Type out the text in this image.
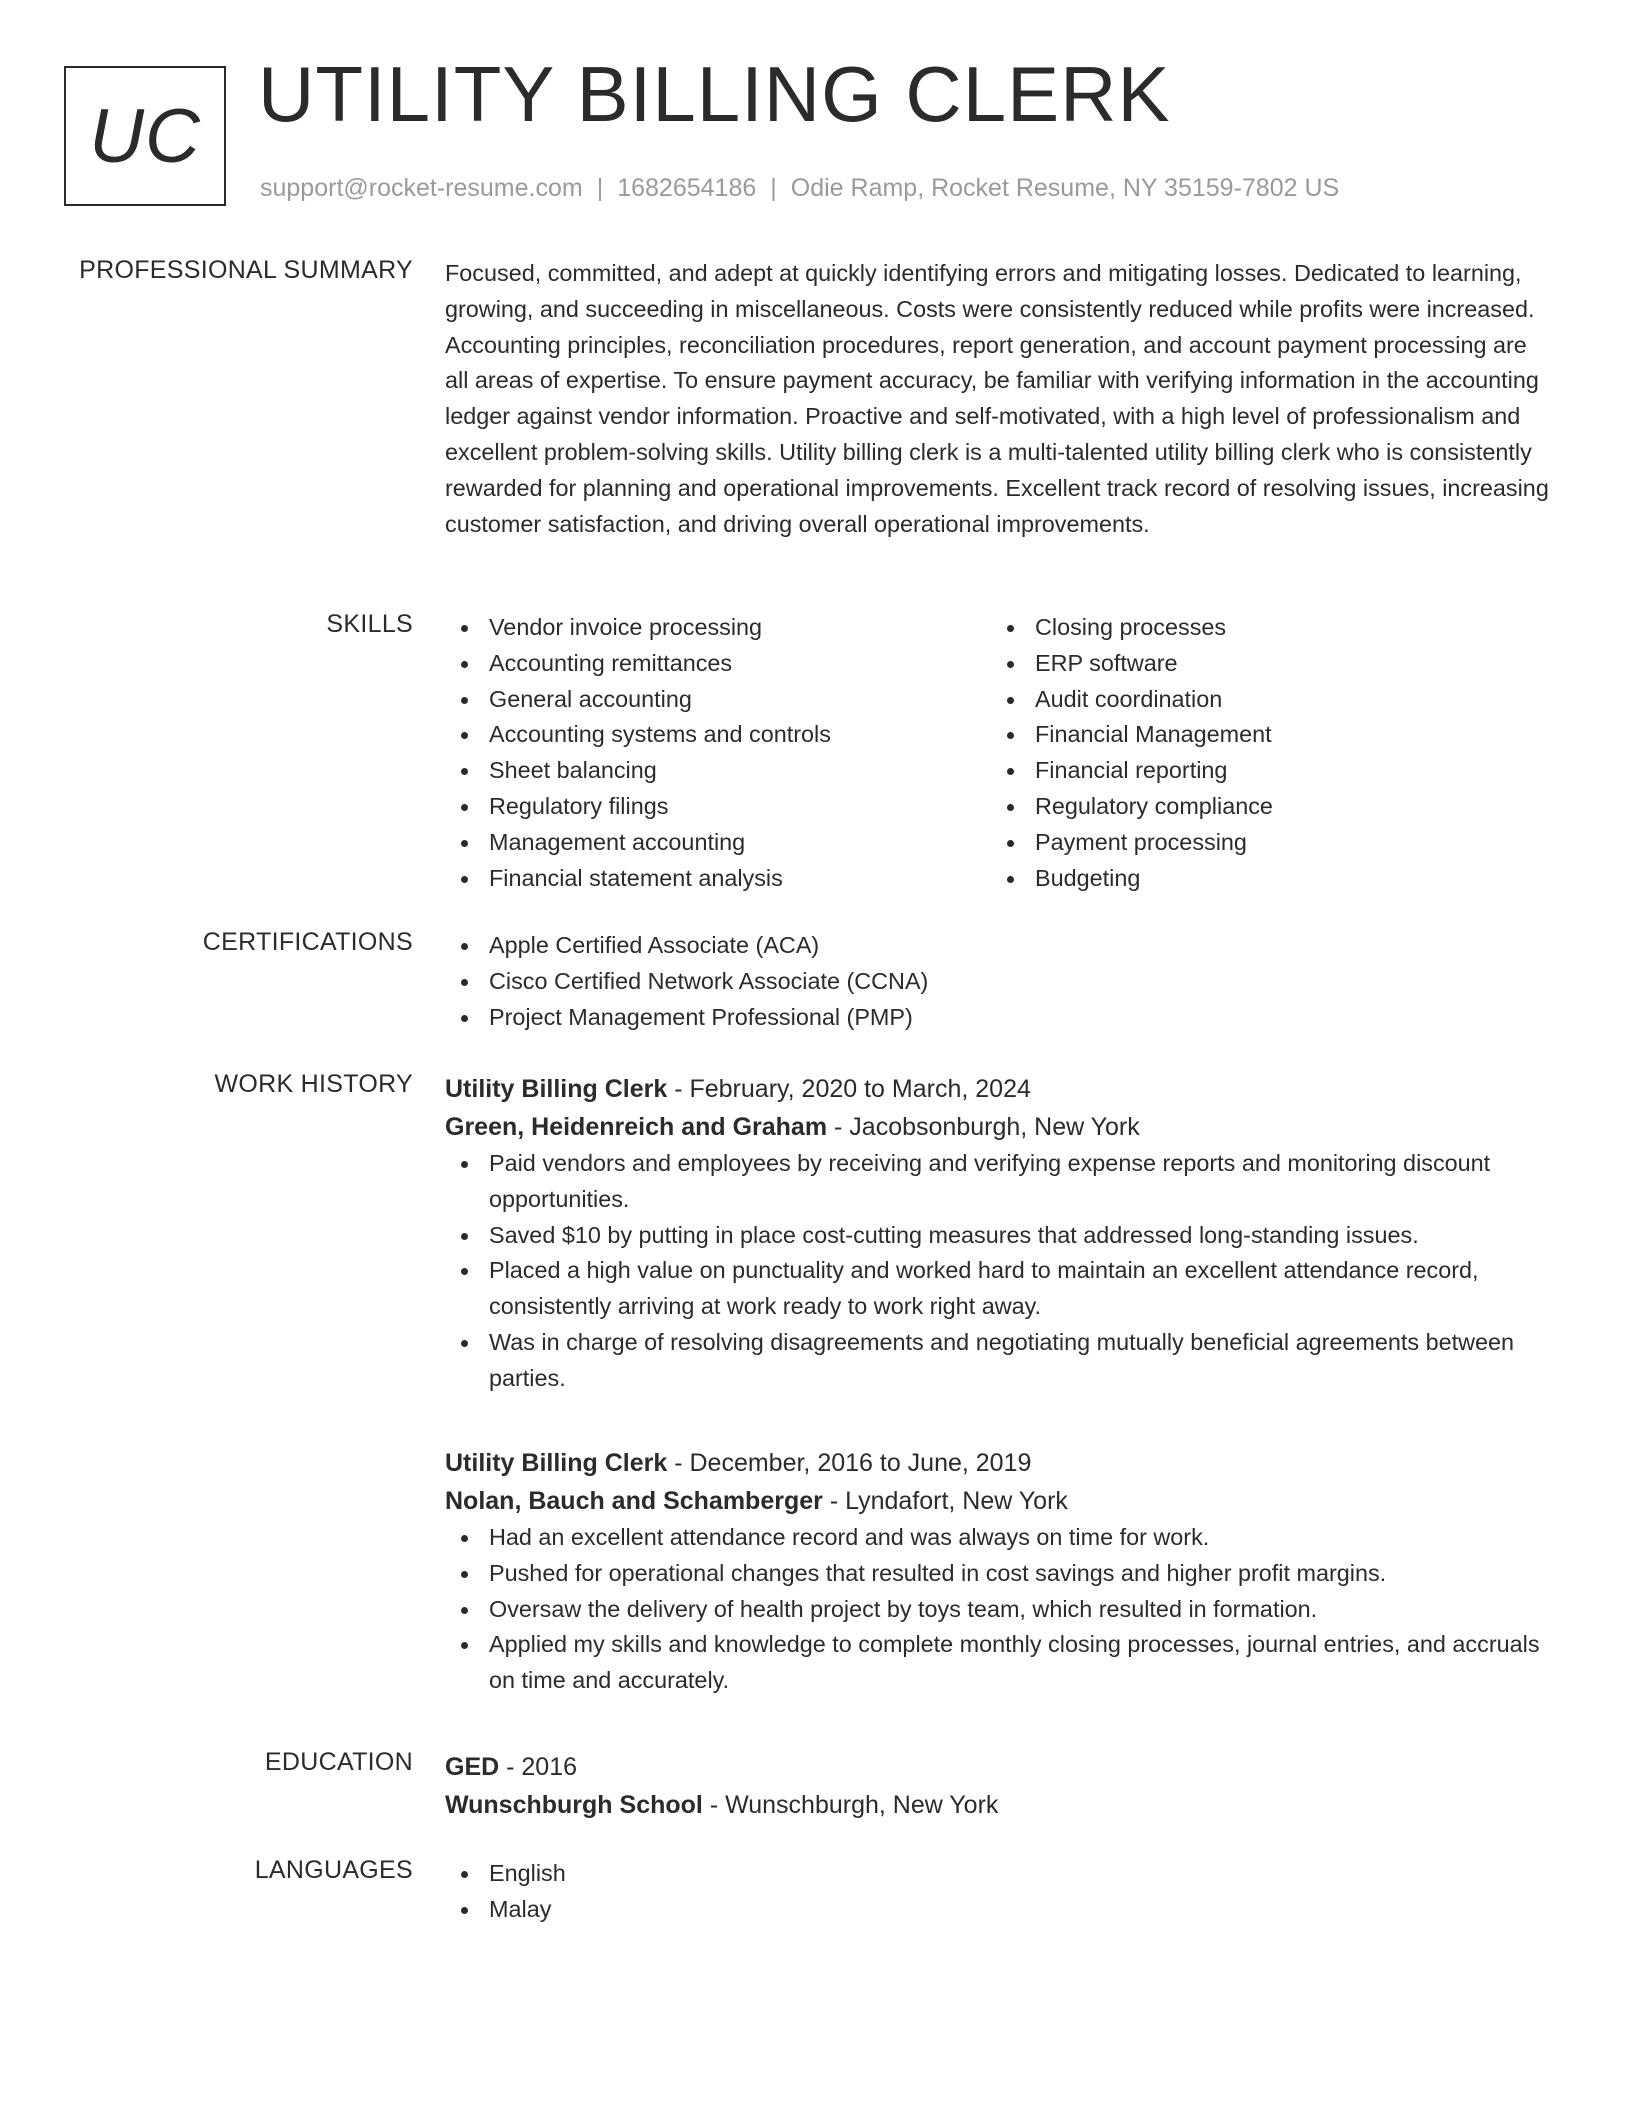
UC UTILITY BILLING CLERK
support@rocket-resume.com | 1682654186 | Odie Ramp, Rocket Resume, NY 35159-7802 US
PROFESSIONAL SUMMARY Focused, committed, and adept at quickly identifying errors and mitigating losses. Dedicated to learning, growing, and succeeding in miscellaneous. Costs were consistently reduced while profits were increased. Accounting principles, reconciliation procedures, report generation, and account payment processing are all areas of expertise. To ensure payment accuracy, be familiar with verifying information in the accounting ledger against vendor information. Proactive and self-motivated, with a high level of professionalism and excellent problem-solving skills. Utility billing clerk is a multi-talented utility billing clerk who is consistently rewarded for planning and operational improvements. Excellent track record of resolving issues, increasing customer satisfaction, and driving overall operational improvements.

SKILLS	Vendor invoice processing
Accounting remittances
General accounting
Accounting systems and controls
Sheet balancing
Regulatory filings
Management accounting
Financial statement analysis
Closing processes
ERP software
Audit coordination
Financial Management
Financial reporting
Regulatory compliance
Payment processing
Budgeting
CERTIFICATIONS	Apple Certified Associate (ACA)
Cisco Certified Network Associate (CCNA)
Project Management Professional (PMP)
WORK HISTORY Utility Billing Clerk - February, 2020 to March, 2024
Green, Heidenreich and Graham - Jacobsonburgh, New York
Paid vendors and employees by receiving and verifying expense reports and monitoring discount opportunities.
Saved $10 by putting in place cost-cutting measures that addressed long-standing issues.
Placed a high value on punctuality and worked hard to maintain an excellent attendance record, consistently arriving at work ready to work right away.
Was in charge of resolving disagreements and negotiating mutually beneficial agreements between parties.
Utility Billing Clerk - December, 2016 to June, 2019
Nolan, Bauch and Schamberger - Lyndafort, New York
Had an excellent attendance record and was always on time for work.
Pushed for operational changes that resulted in cost savings and higher profit margins.
Oversaw the delivery of health project by toys team, which resulted in formation.
Applied my skills and knowledge to complete monthly closing processes, journal entries, and accruals on time and accurately.
EDUCATION GED - 2016
Wunschburgh School - Wunschburgh, New York
LANGUAGES	English
Malay
